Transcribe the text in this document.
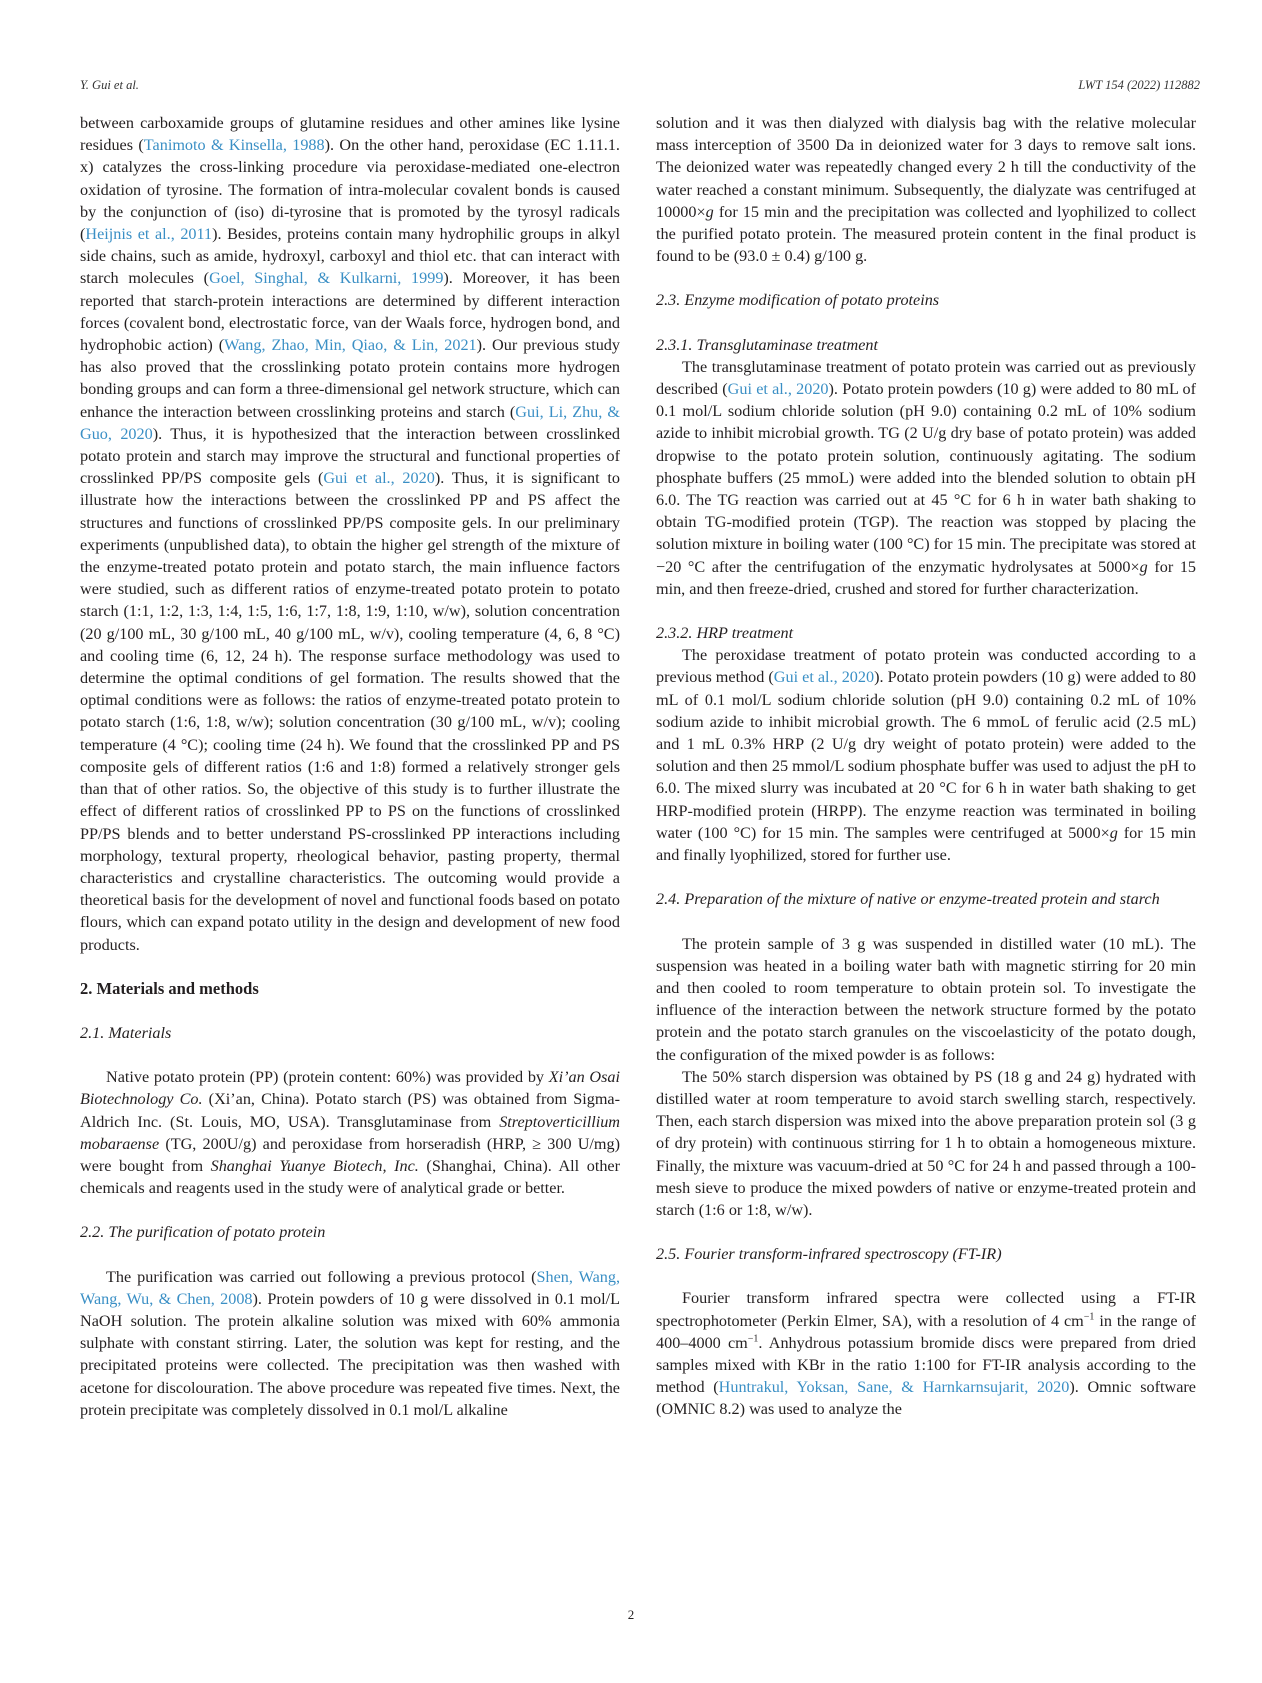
Y. Gui et al.	LWT 154 (2022) 112882

between carboxamide groups of glutamine residues and other amines like lysine residues (Tanimoto & Kinsella, 1988). On the other hand, peroxidase (EC 1.11.1. x) catalyzes the cross-linking procedure via peroxidase-mediated one-electron oxidation of tyrosine. The formation of intra-molecular covalent bonds is caused by the conjunction of (iso) di-tyrosine that is promoted by the tyrosyl radicals (Heijnis et al., 2011). Besides, proteins contain many hydrophilic groups in alkyl side chains, such as amide, hydroxyl, carboxyl and thiol etc. that can interact with starch molecules (Goel, Singhal, & Kulkarni, 1999). Moreover, it has been reported that starch-protein interactions are determined by different interaction forces (covalent bond, electrostatic force, van der Waals force, hydrogen bond, and hydrophobic action) (Wang, Zhao, Min, Qiao, & Lin, 2021). Our previous study has also proved that the crosslinking potato protein contains more hydrogen bonding groups and can form a three-dimensional gel network structure, which can enhance the interaction between crosslinking proteins and starch (Gui, Li, Zhu, & Guo, 2020). Thus, it is hypothesized that the interaction between crosslinked potato protein and starch may improve the structural and functional properties of crosslinked PP/PS composite gels (Gui et al., 2020). Thus, it is significant to illustrate how the interactions between the crosslinked PP and PS affect the structures and functions of crosslinked PP/PS composite gels. In our preliminary experiments (unpublished data), to obtain the higher gel strength of the mixture of the enzyme-treated potato protein and potato starch, the main influence factors were studied, such as different ratios of enzyme-treated potato protein to potato starch (1:1, 1:2, 1:3, 1:4, 1:5, 1:6, 1:7, 1:8, 1:9, 1:10, w/w), solution concentration (20 g/100 mL, 30 g/100 mL, 40 g/100 mL, w/v), cooling temperature (4, 6, 8 °C) and cooling time (6, 12, 24 h). The response surface methodology was used to determine the optimal conditions of gel formation. The results showed that the optimal conditions were as follows: the ratios of enzyme-treated potato protein to potato starch (1:6, 1:8, w/w); solution concentration (30 g/100 mL, w/v); cooling temperature (4 °C); cooling time (24 h). We found that the crosslinked PP and PS composite gels of different ratios (1:6 and 1:8) formed a relatively stronger gels than that of other ratios. So, the objective of this study is to further illustrate the effect of different ratios of crosslinked PP to PS on the functions of crosslinked PP/PS blends and to better understand PS-crosslinked PP interactions including morphology, textural property, rheological behavior, pasting property, thermal characteristics and crystalline characteristics. The outcoming would provide a theoretical basis for the development of novel and functional foods based on potato flours, which can expand potato utility in the design and development of new food products.

2. Materials and methods

2.1. Materials

Native potato protein (PP) (protein content: 60%) was provided by Xi’an Osai Biotechnology Co. (Xi’an, China). Potato starch (PS) was obtained from Sigma-Aldrich Inc. (St. Louis, MO, USA). Transglutaminase from Streptoverticillium mobaraense (TG, 200U/g) and peroxidase from horseradish (HRP, ≥ 300 U/mg) were bought from Shanghai Yuanye Biotech, Inc. (Shanghai, China). All other chemicals and reagents used in the study were of analytical grade or better.

2.2. The purification of potato protein

The purification was carried out following a previous protocol (Shen, Wang, Wang, Wu, & Chen, 2008). Protein powders of 10 g were dissolved in 0.1 mol/L NaOH solution. The protein alkaline solution was mixed with 60% ammonia sulphate with constant stirring. Later, the solution was kept for resting, and the precipitated proteins were collected. The precipitation was then washed with acetone for discolouration. The above procedure was repeated five times. Next, the protein precipitate was completely dissolved in 0.1 mol/L alkaline

solution and it was then dialyzed with dialysis bag with the relative molecular mass interception of 3500 Da in deionized water for 3 days to remove salt ions. The deionized water was repeatedly changed every 2 h till the conductivity of the water reached a constant minimum. Subsequently, the dialyzate was centrifuged at 10000×g for 15 min and the precipitation was collected and lyophilized to collect the purified potato protein. The measured protein content in the final product is found to be (93.0 ± 0.4) g/100 g.

2.3. Enzyme modification of potato proteins

2.3.1. Transglutaminase treatment

The transglutaminase treatment of potato protein was carried out as previously described (Gui et al., 2020). Potato protein powders (10 g) were added to 80 mL of 0.1 mol/L sodium chloride solution (pH 9.0) containing 0.2 mL of 10% sodium azide to inhibit microbial growth. TG (2 U/g dry base of potato protein) was added dropwise to the potato protein solution, continuously agitating. The sodium phosphate buffers (25 mmoL) were added into the blended solution to obtain pH 6.0. The TG reaction was carried out at 45 °C for 6 h in water bath shaking to obtain TG-modified protein (TGP). The reaction was stopped by placing the solution mixture in boiling water (100 °C) for 15 min. The precipitate was stored at −20 °C after the centrifugation of the enzymatic hydrolysates at 5000×g for 15 min, and then freeze-dried, crushed and stored for further characterization.

2.3.2. HRP treatment

The peroxidase treatment of potato protein was conducted according to a previous method (Gui et al., 2020). Potato protein powders (10 g) were added to 80 mL of 0.1 mol/L sodium chloride solution (pH 9.0) containing 0.2 mL of 10% sodium azide to inhibit microbial growth. The 6 mmoL of ferulic acid (2.5 mL) and 1 mL 0.3% HRP (2 U/g dry weight of potato protein) were added to the solution and then 25 mmol/L sodium phosphate buffer was used to adjust the pH to 6.0. The mixed slurry was incubated at 20 °C for 6 h in water bath shaking to get HRP-modified protein (HRPP). The enzyme reaction was terminated in boiling water (100 °C) for 15 min. The samples were centrifuged at 5000×g for 15 min and finally lyophilized, stored for further use.

2.4. Preparation of the mixture of native or enzyme-treated protein and starch

The protein sample of 3 g was suspended in distilled water (10 mL). The suspension was heated in a boiling water bath with magnetic stirring for 20 min and then cooled to room temperature to obtain protein sol. To investigate the influence of the interaction between the network structure formed by the potato protein and the potato starch granules on the viscoelasticity of the potato dough, the configuration of the mixed powder is as follows:

The 50% starch dispersion was obtained by PS (18 g and 24 g) hydrated with distilled water at room temperature to avoid starch swelling starch, respectively. Then, each starch dispersion was mixed into the above preparation protein sol (3 g of dry protein) with continuous stirring for 1 h to obtain a homogeneous mixture. Finally, the mixture was vacuum-dried at 50 °C for 24 h and passed through a 100-mesh sieve to produce the mixed powders of native or enzyme-treated protein and starch (1:6 or 1:8, w/w).

2.5. Fourier transform-infrared spectroscopy (FT-IR)

Fourier transform infrared spectra were collected using a FT-IR spectrophotometer (Perkin Elmer, SA), with a resolution of 4 $cm^{-1}$ in the range of 400–4000 $cm^{-1}$. Anhydrous potassium bromide discs were prepared from dried samples mixed with KBr in the ratio 1:100 for FT-IR analysis according to the method (Huntrakul, Yoksan, Sane, & Harnkarnsujarit, 2020). Omnic software (OMNIC 8.2) was used to analyze the

2
